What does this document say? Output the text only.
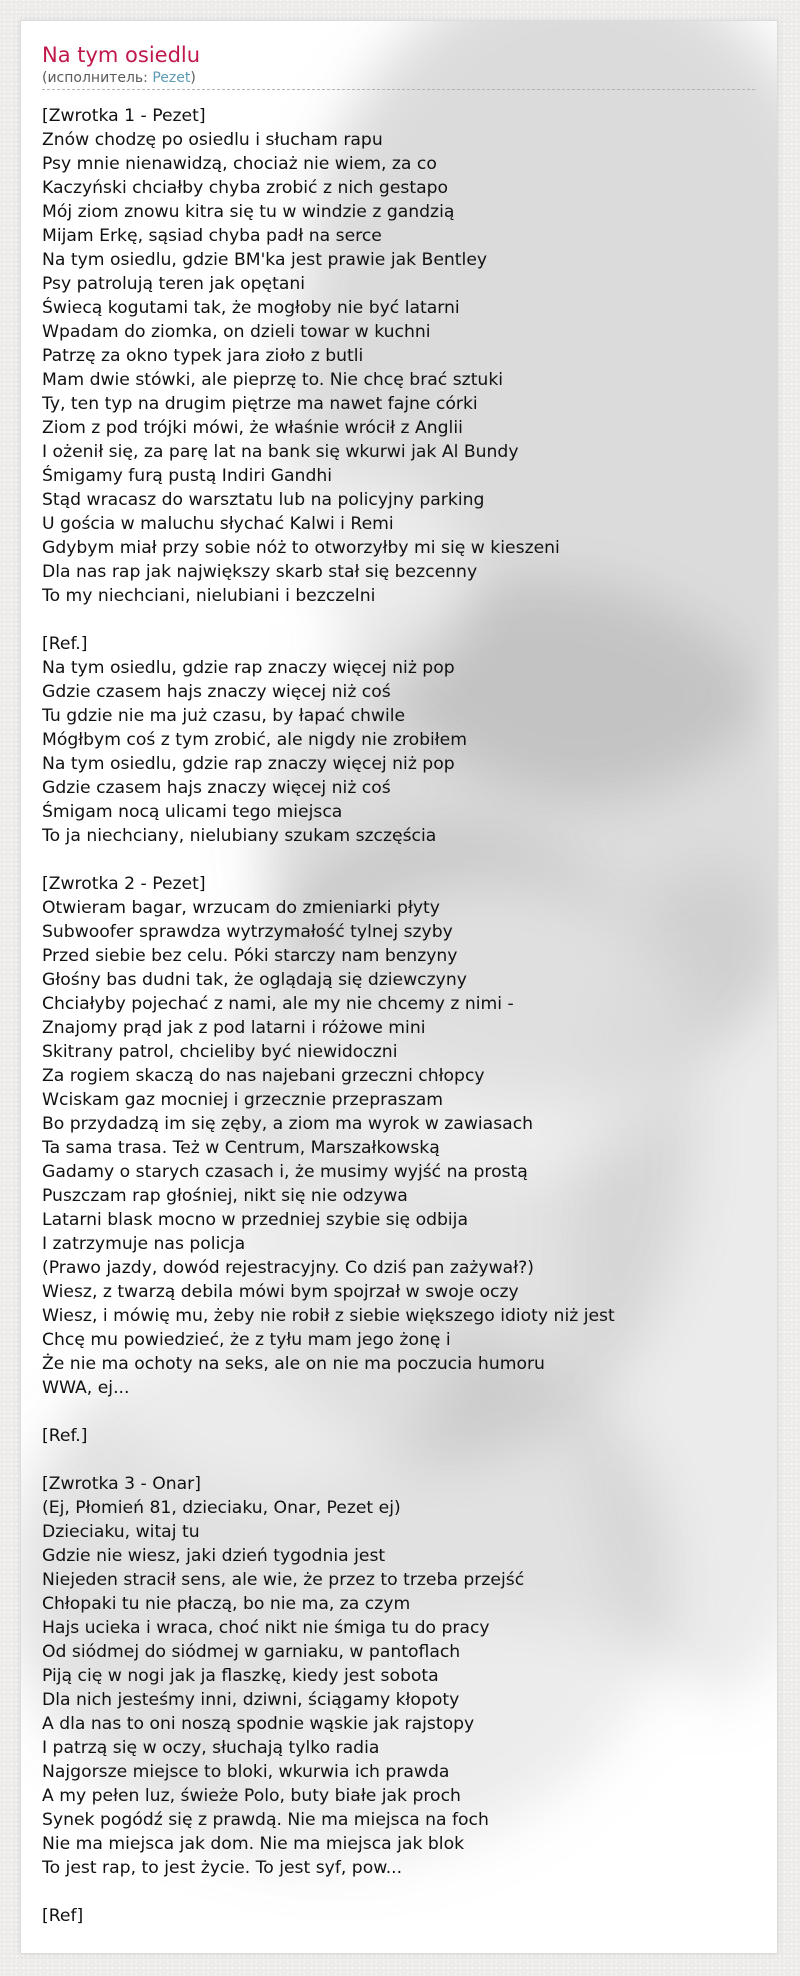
Na tym osiedlu
(исполнитель: Pezet)
[Zwrotka 1 - Pezet]
Znów chodzę po osiedlu i słucham rapu
Psy mnie nienawidzą, chociaż nie wiem, za co
Kaczyński chciałby chyba zrobić z nich gestapo
Mój ziom znowu kitra się tu w windzie z gandzią
Mijam Erkę, sąsiad chyba padł na serce
Na tym osiedlu, gdzie BM'ka jest prawie jak Bentley
Psy patrolują teren jak opętani
Świecą kogutami tak, że mogłoby nie być latarni
Wpadam do ziomka, on dzieli towar w kuchni
Patrzę za okno typek jara zioło z butli
Mam dwie stówki, ale pieprzę to. Nie chcę brać sztuki
Ty, ten typ na drugim piętrze ma nawet fajne córki
Ziom z pod trójki mówi, że właśnie wrócił z Anglii
I ożenił się, za parę lat na bank się wkurwi jak Al Bundy
Śmigamy furą pustą Indiri Gandhi
Stąd wracasz do warsztatu lub na policyjny parking
U gościa w maluchu słychać Kalwi i Remi
Gdybym miał przy sobie nóż to otworzyłby mi się w kieszeni
Dla nas rap jak największy skarb stał się bezcenny
To my niechciani, nielubiani i bezczelni
[Ref.]
Na tym osiedlu, gdzie rap znaczy więcej niż pop
Gdzie czasem hajs znaczy więcej niż coś
Tu gdzie nie ma już czasu, by łapać chwile
Mógłbym coś z tym zrobić, ale nigdy nie zrobiłem
Na tym osiedlu, gdzie rap znaczy więcej niż pop
Gdzie czasem hajs znaczy więcej niż coś
Śmigam nocą ulicami tego miejsca
To ja niechciany, nielubiany szukam szczęścia
[Zwrotka 2 - Pezet]
Otwieram bagar, wrzucam do zmieniarki płyty
Subwoofer sprawdza wytrzymałość tylnej szyby
Przed siebie bez celu. Póki starczy nam benzyny
Głośny bas dudni tak, że oglądają się dziewczyny
Chciałyby pojechać z nami, ale my nie chcemy z nimi -
Znajomy prąd jak z pod latarni i różowe mini
Skitrany patrol, chcieliby być niewidoczni
Za rogiem skaczą do nas najebani grzeczni chłopcy
Wciskam gaz mocniej i grzecznie przepraszam
Bo przydadzą im się zęby, a ziom ma wyrok w zawiasach
Ta sama trasa. Też w Centrum, Marszałkowską
Gadamy o starych czasach i, że musimy wyjść na prostą
Puszczam rap głośniej, nikt się nie odzywa
Latarni blask mocno w przedniej szybie się odbija
I zatrzymuje nas policja
(Prawo jazdy, dowód rejestracyjny. Co dziś pan zażywał?)
Wiesz, z twarzą debila mówi bym spojrzał w swoje oczy
Wiesz, i mówię mu, żeby nie robił z siebie większego idioty niż jest
Chcę mu powiedzieć, że z tyłu mam jego żonę i
Że nie ma ochoty na seks, ale on nie ma poczucia humoru
WWA, ej...
[Ref.]
[Zwrotka 3 - Onar]
(Ej, Płomień 81, dzieciaku, Onar, Pezet ej)
Dzieciaku, witaj tu
Gdzie nie wiesz, jaki dzień tygodnia jest
Niejeden stracił sens, ale wie, że przez to trzeba przejść
Chłopaki tu nie płaczą, bo nie ma, za czym
Hajs ucieka i wraca, choć nikt nie śmiga tu do pracy
Od siódmej do siódmej w garniaku, w pantoflach
Piją cię w nogi jak ja flaszkę, kiedy jest sobota
Dla nich jesteśmy inni, dziwni, ściągamy kłopoty
A dla nas to oni noszą spodnie wąskie jak rajstopy
I patrzą się w oczy, słuchają tylko radia
Najgorsze miejsce to bloki, wkurwia ich prawda
A my pełen luz, świeże Polo, buty białe jak proch
Synek pogódź się z prawdą. Nie ma miejsca na foch
Nie ma miejsca jak dom. Nie ma miejsca jak blok
To jest rap, to jest życie. To jest syf, pow...
[Ref]
